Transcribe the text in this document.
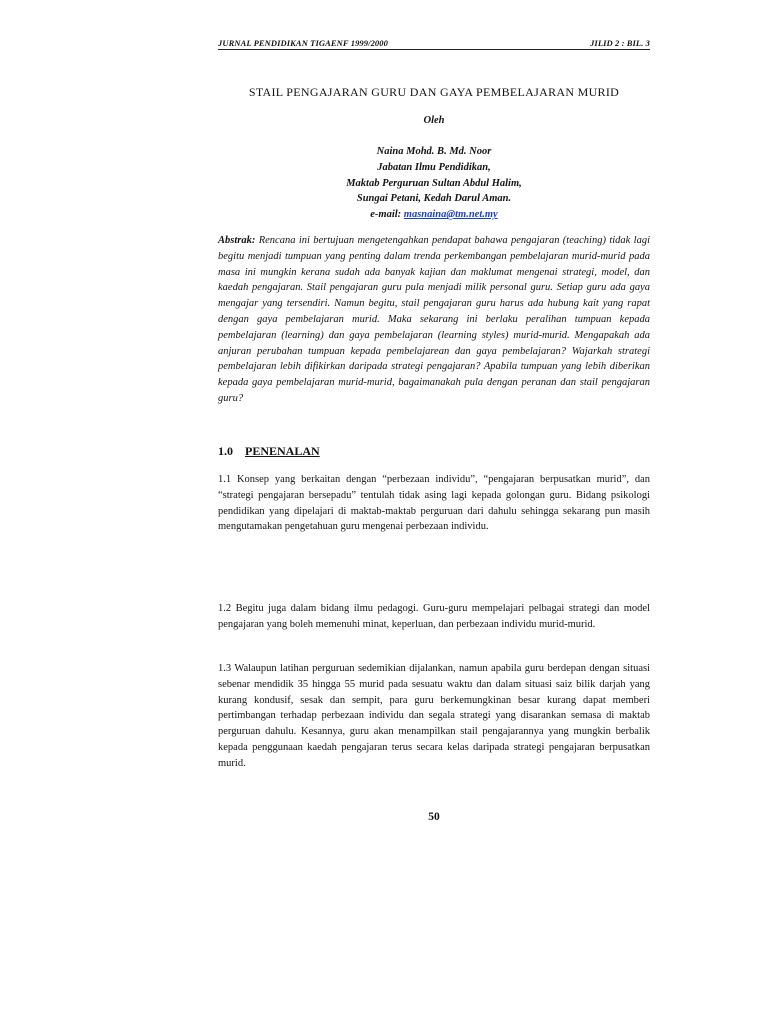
JURNAL PENDIDIKAN TIGAENF 1999/2000	JILID 2 : BIL. 3
STAIL PENGAJARAN GURU DAN GAYA PEMBELAJARAN MURID
Oleh
Naina Mohd. B. Md. Noor
Jabatan Ilmu Pendidikan,
Maktab Perguruan Sultan Abdul Halim,
Sungai Petani, Kedah Darul Aman.
e-mail: masnaina@tm.net.my
Abstrak: Rencana ini bertujuan mengetengahkan pendapat bahawa pengajaran (teaching) tidak lagi begitu menjadi tumpuan yang penting dalam trenda perkembangan pembelajaran murid-murid pada masa ini mungkin kerana sudah ada banyak kajian dan maklumat mengenai strategi, model, dan kaedah pengajaran. Stail pengajaran guru pula menjadi milik personal guru. Setiap guru ada gaya mengajar yang tersendiri. Namun begitu, stail pengajaran guru harus ada hubung kait yang rapat dengan gaya pembelajaran murid. Maka sekarang ini berlaku peralihan tumpuan kepada pembelajaran (learning) dan gaya pembelajaran (learning styles) murid-murid. Mengapakah ada anjuran perubahan tumpuan kepada pembelajarean dan gaya pembelajaran? Wajarkah strategi pembelajaran lebih difikirkan daripada strategi pengajaran? Apabila tumpuan yang lebih diberikan kepada gaya pembelajaran murid-murid, bagaimanakah pula dengan peranan dan stail pengajaran guru?
1.0 PENENALAN
1.1 Konsep yang berkaitan dengan “perbezaan individu”, “pengajaran berpusatkan murid”, dan “strategi pengajaran bersepadu” tentulah tidak asing lagi kepada golongan guru. Bidang psikologi pendidikan yang dipelajari di maktab-maktab perguruan dari dahulu sehingga sekarang pun masih mengutamakan pengetahuan guru mengenai perbezaan individu.
1.2 Begitu juga dalam bidang ilmu pedagogi. Guru-guru mempelajari pelbagai strategi dan model pengajaran yang boleh memenuhi minat, keperluan, dan perbezaan individu murid-murid.
1.3 Walaupun latihan perguruan sedemikian dijalankan, namun apabila guru berdepan dengan situasi sebenar mendidik 35 hingga 55 murid pada sesuatu waktu dan dalam situasi saiz bilik darjah yang kurang kondusif, sesak dan sempit, para guru berkemungkinan besar kurang dapat memberi pertimbangan terhadap perbezaan individu dan segala strategi yang disarankan semasa di maktab perguruan dahulu. Kesannya, guru akan menampilkan stail pengajarannya yang mungkin berbalik kepada penggunaan kaedah pengajaran terus secara kelas daripada strategi pengajaran berpusatkan murid.
50
